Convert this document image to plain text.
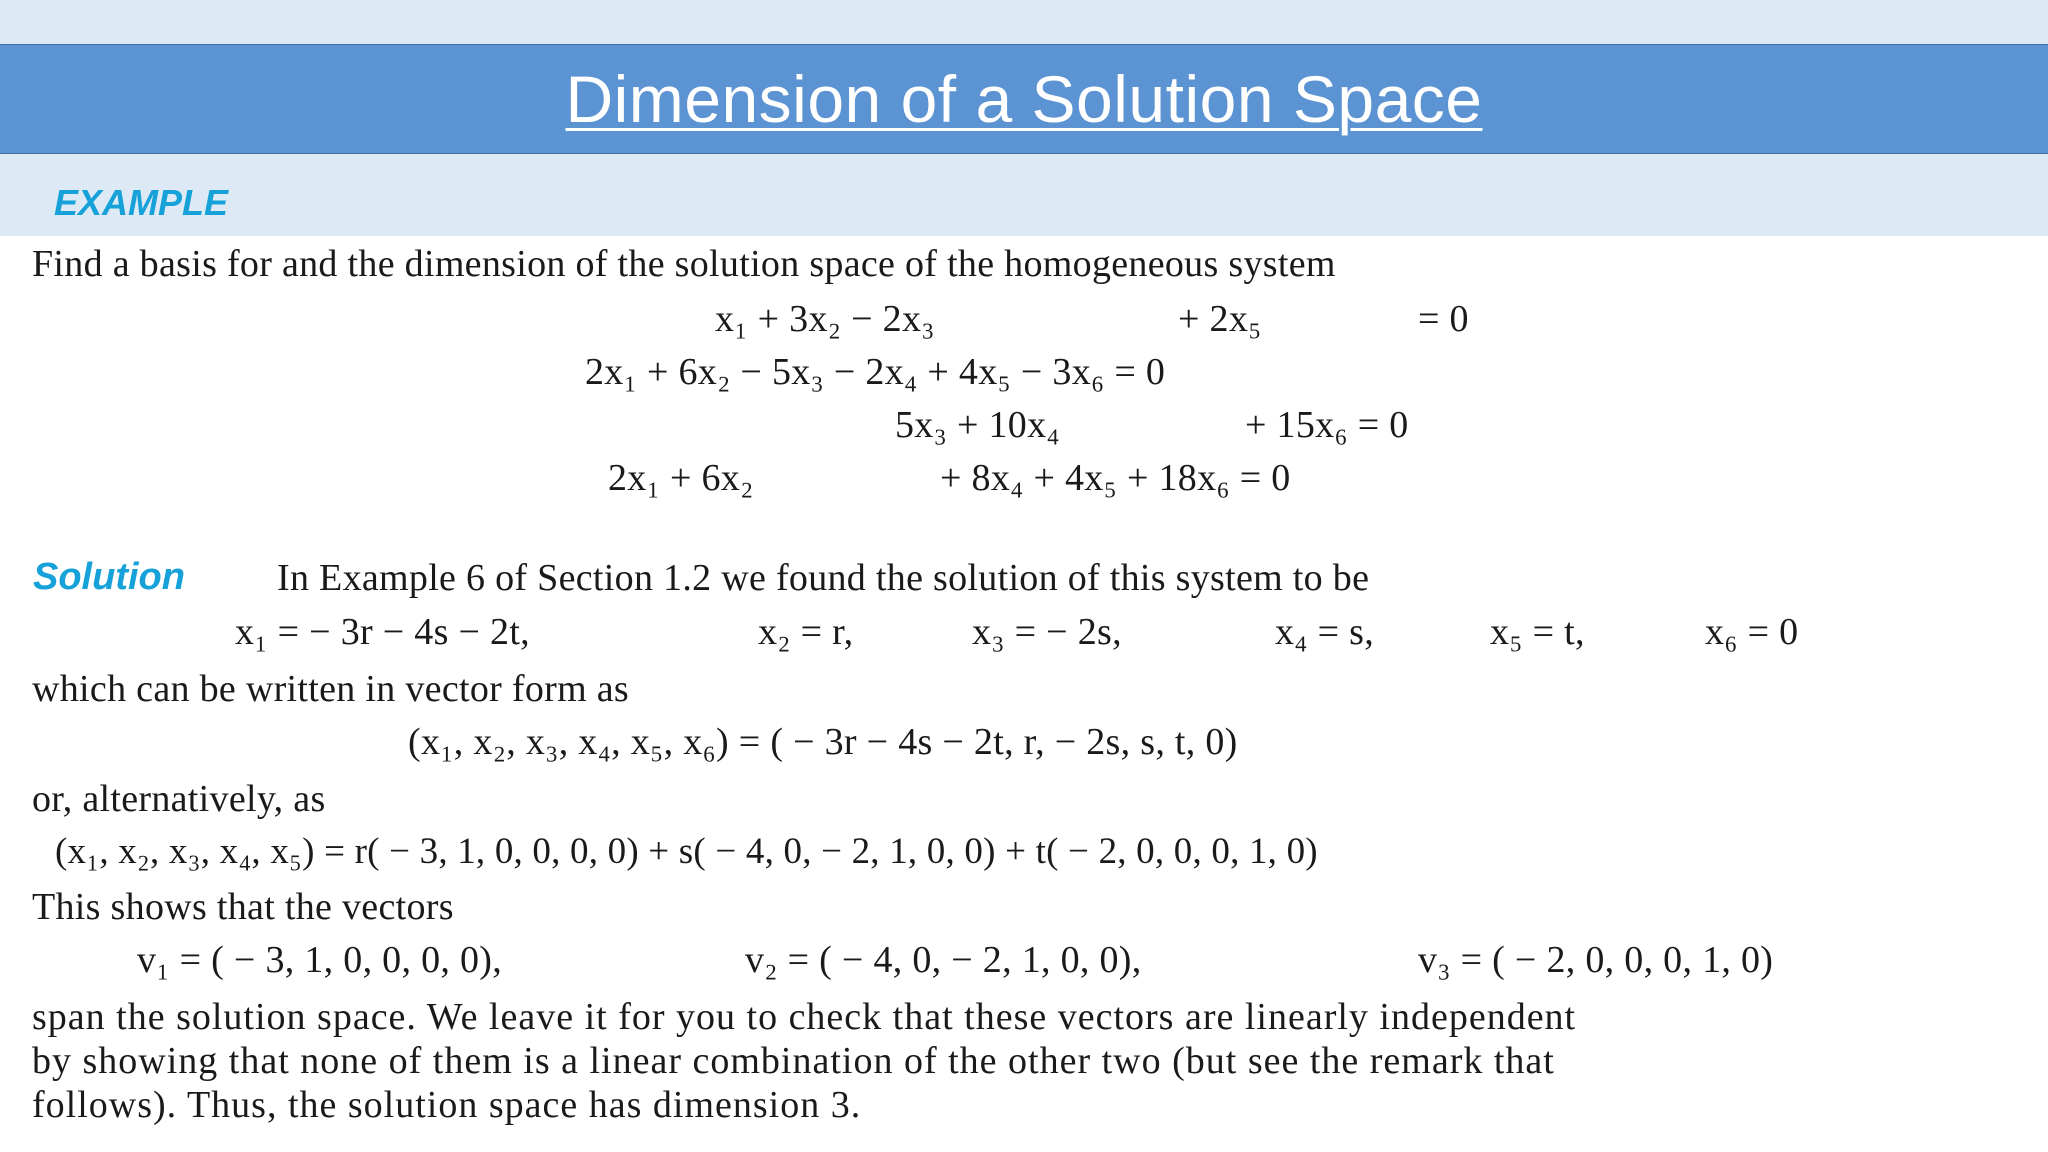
Dimension of a Solution Space
EXAMPLE
Find a basis for and the dimension of the solution space of the homogeneous system
x₁ + 3x₂ − 2x₃	+ 2x₅	= 0
2x₁ + 6x₂ − 5x₃ − 2x₄ + 4x₅ − 3x₆ = 0
5x₃ + 10x₄	+ 15x₆ = 0
2x₁ + 6x₂	+ 8x₄ + 4x₅ + 18x₆ = 0
Solution In Example 6 of Section 1.2 we found the solution of this system to be
x₁ = − 3r − 4s − 2t,	x₂ = r,	x₃ = − 2s,	x₄ = s,	x₅ = t,	x₆ = 0
which can be written in vector form as
(x₁, x₂, x₃, x₄, x₅, x₆) = ( − 3r − 4s − 2t, r, − 2s, s, t, 0)
or, alternatively, as
(x₁, x₂, x₃, x₄, x₅) = r( − 3, 1, 0, 0, 0, 0) + s( − 4, 0, − 2, 1, 0, 0) + t( − 2, 0, 0, 0, 1, 0)
This shows that the vectors
v₁ = ( − 3, 1, 0, 0, 0, 0),	v₂ = ( − 4, 0, − 2, 1, 0, 0),	v₃ = ( − 2, 0, 0, 0, 1, 0)
span the solution space. We leave it for you to check that these vectors are linearly independent
by showing that none of them is a linear combination of the other two (but see the remark that
follows). Thus, the solution space has dimension 3.
